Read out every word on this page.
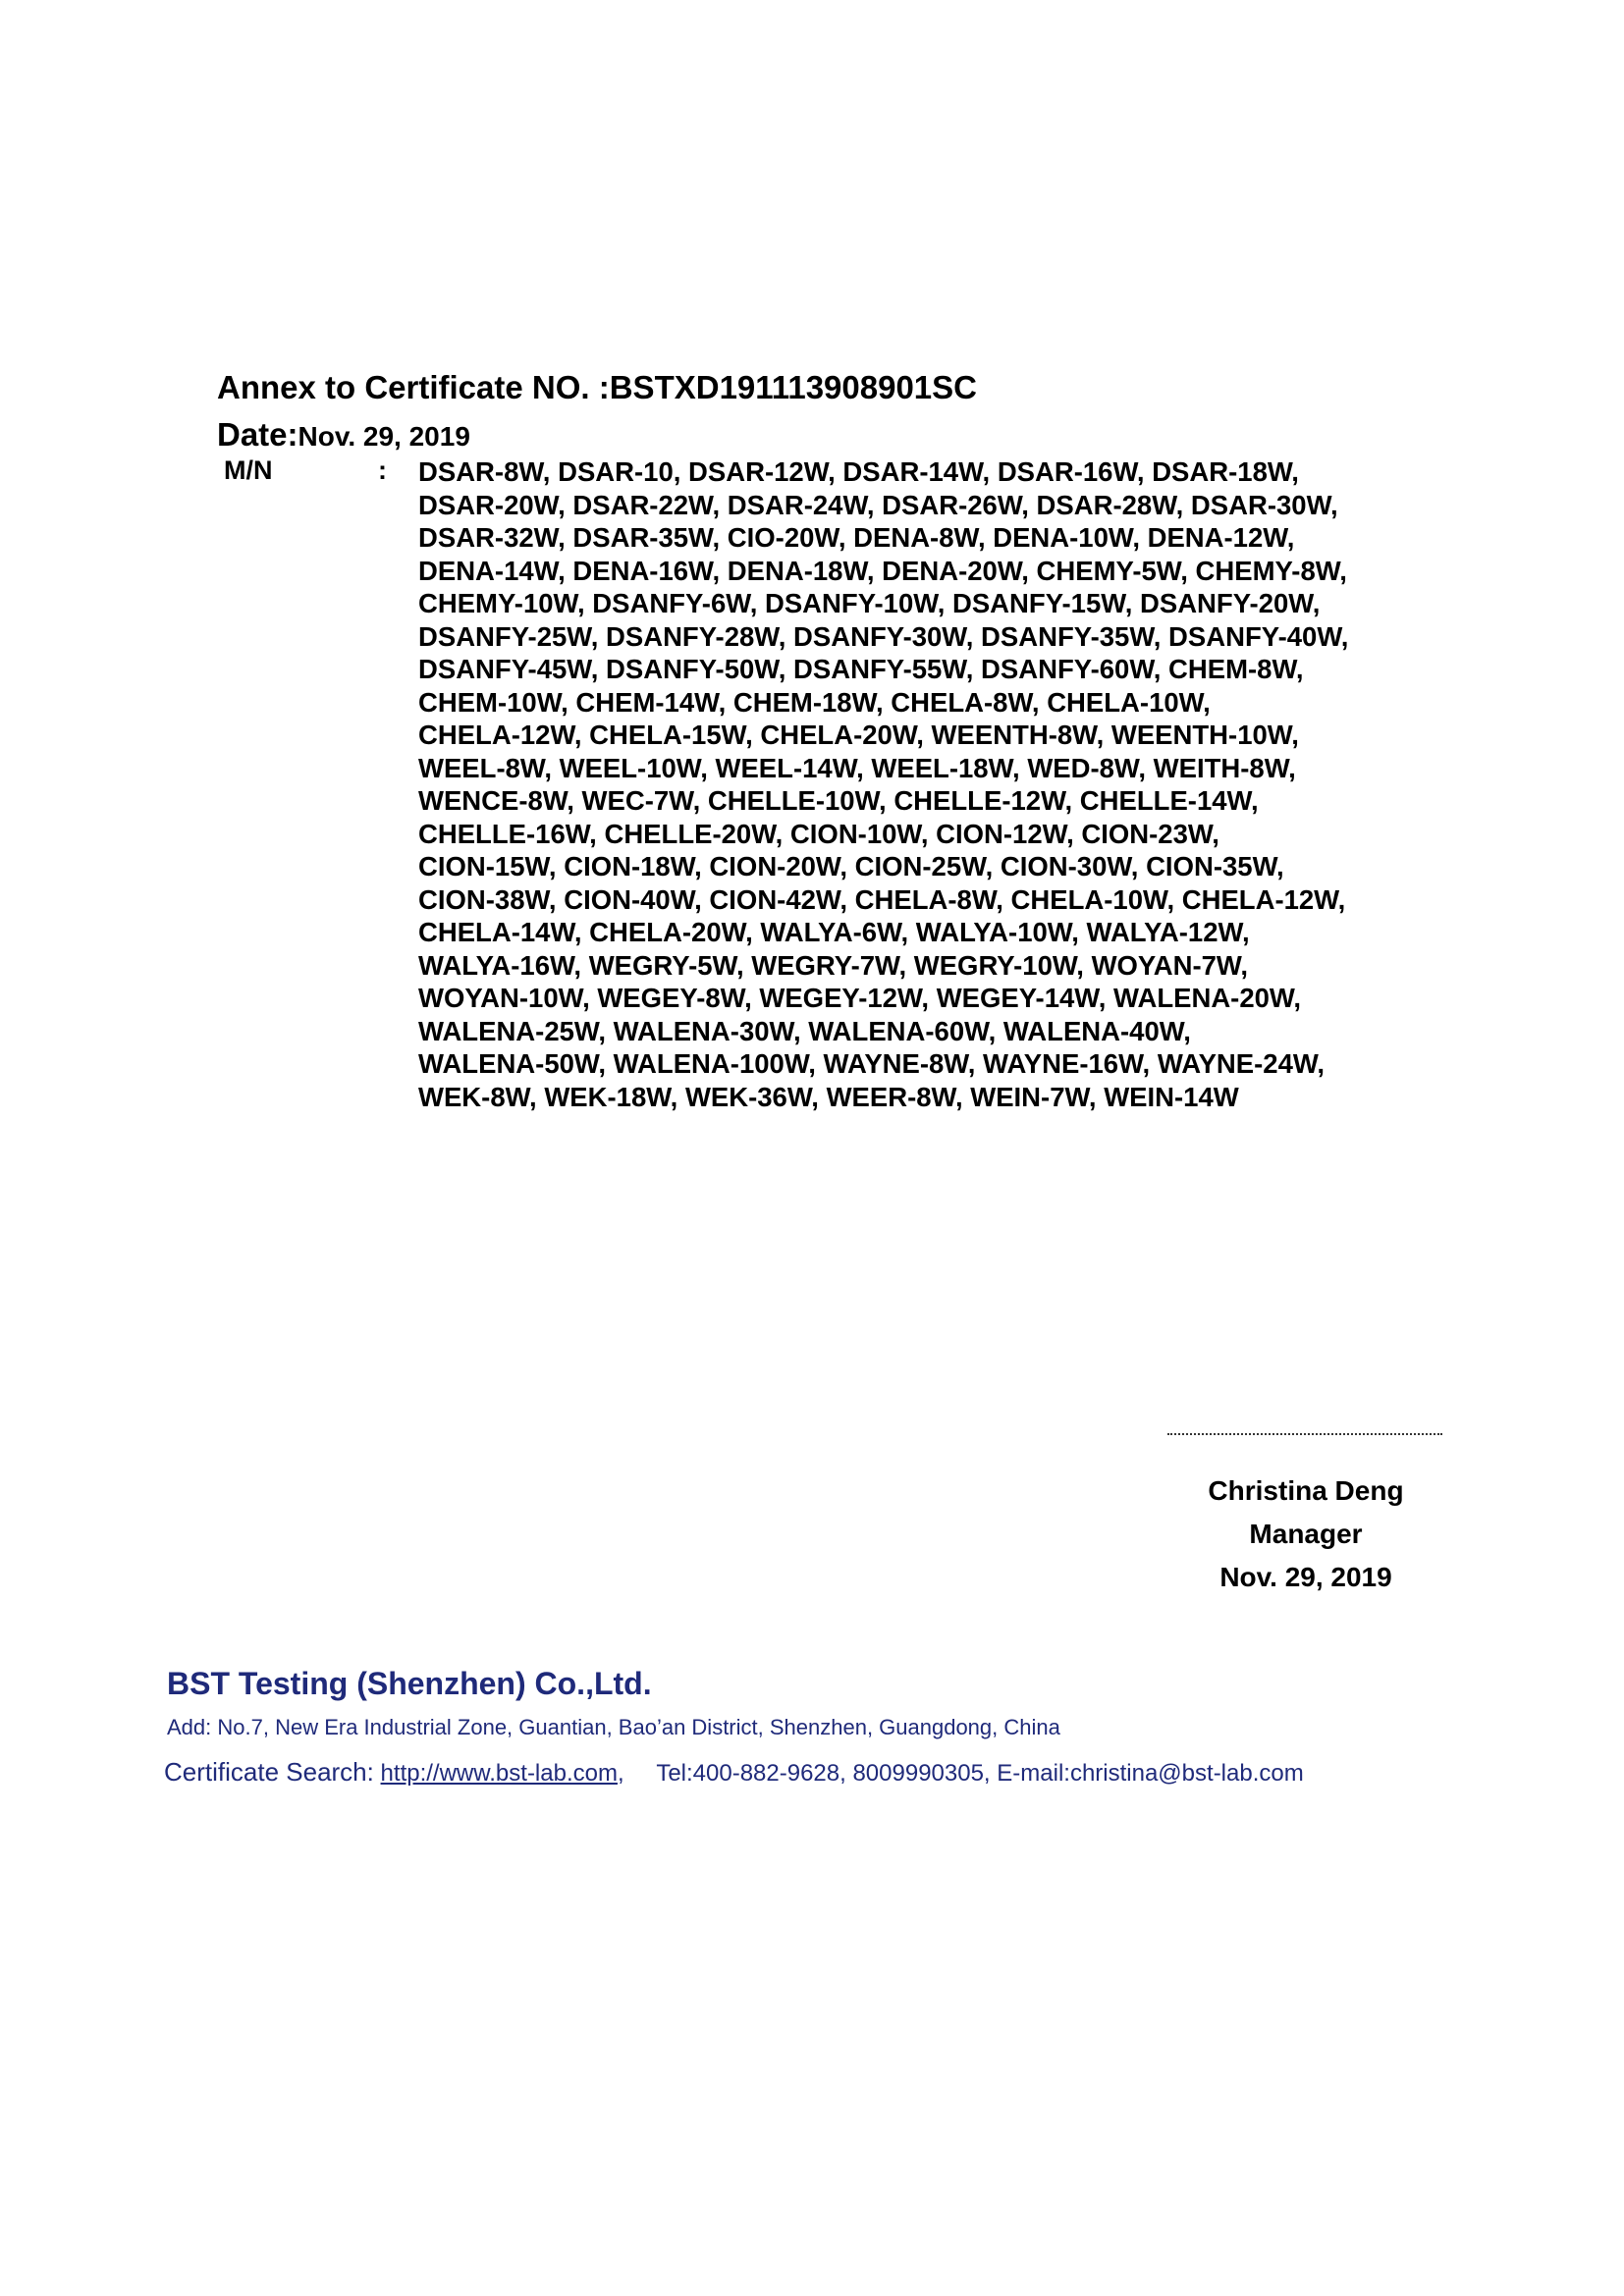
Annex to Certificate NO. :BSTXD191113908901SC
Date:Nov. 29, 2019
M/N	: DSAR-8W, DSAR-10, DSAR-12W, DSAR-14W, DSAR-16W, DSAR-18W,
DSAR-20W, DSAR-22W, DSAR-24W, DSAR-26W, DSAR-28W, DSAR-30W,
DSAR-32W, DSAR-35W, CIO-20W, DENA-8W, DENA-10W, DENA-12W,
DENA-14W, DENA-16W, DENA-18W, DENA-20W, CHEMY-5W, CHEMY-8W,
CHEMY-10W, DSANFY-6W, DSANFY-10W, DSANFY-15W, DSANFY-20W,
DSANFY-25W, DSANFY-28W, DSANFY-30W, DSANFY-35W, DSANFY-40W,
DSANFY-45W, DSANFY-50W, DSANFY-55W, DSANFY-60W, CHEM-8W,
CHEM-10W, CHEM-14W, CHEM-18W, CHELA-8W, CHELA-10W,
CHELA-12W, CHELA-15W, CHELA-20W, WEENTH-8W, WEENTH-10W,
WEEL-8W, WEEL-10W, WEEL-14W, WEEL-18W, WED-8W, WEITH-8W,
WENCE-8W, WEC-7W, CHELLE-10W, CHELLE-12W, CHELLE-14W,
CHELLE-16W, CHELLE-20W, CION-10W, CION-12W, CION-23W,
CION-15W, CION-18W, CION-20W, CION-25W, CION-30W, CION-35W,
CION-38W, CION-40W, CION-42W, CHELA-8W, CHELA-10W, CHELA-12W,
CHELA-14W, CHELA-20W, WALYA-6W, WALYA-10W, WALYA-12W,
WALYA-16W, WEGRY-5W, WEGRY-7W, WEGRY-10W, WOYAN-7W,
WOYAN-10W, WEGEY-8W, WEGEY-12W, WEGEY-14W, WALENA-20W,
WALENA-25W, WALENA-30W, WALENA-60W, WALENA-40W,
WALENA-50W, WALENA-100W, WAYNE-8W, WAYNE-16W, WAYNE-24W,
WEK-8W, WEK-18W, WEK-36W, WEER-8W, WEIN-7W, WEIN-14W
Christina Deng
Manager
Nov. 29, 2019
BST Testing (Shenzhen) Co.,Ltd.
Add: No.7, New Era Industrial Zone, Guantian, Bao’an District, Shenzhen, Guangdong, China
Certificate Search: http://www.bst-lab.com, Tel:400-882-9628, 8009990305, E-mail:christina@bst-lab.com
